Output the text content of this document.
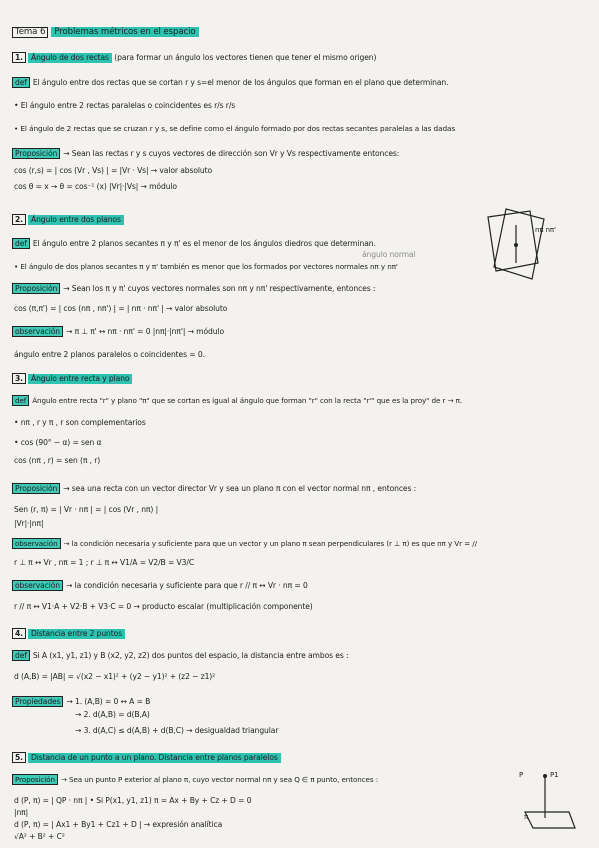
Tema 6 Problemas métricos en el espacio
1. Ángulo de dos rectas (para formar un ángulo los vectores tienen que tener el mismo origen)
def El ángulo entre dos rectas que se cortan r y s=el menor de los ángulos que forman en el plano que determinan.
• El ángulo entre 2 rectas paralelas o coincidentes es r/s r/s
• El ángulo de 2 rectas que se cruzan r y s, se define como el ángulo formado por dos rectas secantes paralelas a las dadas
Proposición → Sean las rectas r y s cuyos vectores de dirección son Vr y Vs respectivamente entonces:
cos (r,s) = | cos (Vr , Vs) | = |Vr · Vs| → valor absoluto
cos θ = x → θ = cos⁻¹ (x) |Vr|·|Vs| → módulo
2. Ángulo entre dos planos
def El ángulo entre 2 planos secantes π y π' es el menor de los ángulos diedros que determinan.
ángulo normal
• El ángulo de dos planos secantes π y π' también es menor que los formados por vectores normales nπ y nπ'
Proposición → Sean los π y π' cuyos vectores normales son nπ y nπ' respectivamente, entonces :
cos (π,π') = | cos (nπ , nπ') | = | nπ · nπ' | → valor absoluto
observación → π ⊥ π' ↔ nπ · nπ' = 0 |nπ|·|nπ'| → módulo
ángulo entre 2 planos paralelos o coincidentes = 0.
3. Ángulo entre recta y plano
def Ángulo entre recta "r" y plano "π" que se cortan es igual al ángulo que forman "r" con la recta "r'" que es la proy" de r → π.
• nπ , r y π , r son complementarios
• cos (90° − α) = sen α
cos (nπ , r) = sen (π , r)
Proposición → sea una recta con un vector director Vr y sea un plano π con el vector normal nπ , entonces :
Sen (r, π) = | Vr · nπ | = | cos (Vr , nπ) |
|Vr|·|nπ|
observación → la condición necesaria y suficiente para que un vector y un plano π sean perpendiculares (r ⊥ π) es que nπ y Vr = //
r ⊥ π ↔ Vr , nπ = 1 ; r ⊥ π ↔ V1/A = V2/B = V3/C
observación → la condición necesaria y suficiente para que r // π ↔ Vr · nπ = 0
r // π ↔ V1·A + V2·B + V3·C = 0 → producto escalar (multiplicación componente)
4. Distancia entre 2 puntos
def Si A (x1, y1, z1) y B (x2, y2, z2) dos puntos del espacio, la distancia entre ambos es :
d (A,B) = |AB| = √(x2 − x1)² + (y2 − y1)² + (z2 − z1)²
Propiedades → 1. (A,B) = 0 ↔ A = B
→ 2. d(A,B) = d(B,A)
→ 3. d(A,C) ≤ d(A,B) + d(B,C) → desigualdad triangular
5. Distancia de un punto a un plano. Distancia entre planos paralelos
Proposición → Sea un punto P exterior al plano π, cuyo vector normal nπ y sea Q ∈ π punto, entonces :
d (P, π) = | QP · nπ | • Si P(x1, y1, z1) π = Ax + By + Cz + D = 0
|nπ|
d (P, π) = | Ax1 + By1 + Cz1 + D | → expresión analítica
√A² + B² + C²
nπ nπ'
P	P1
π
